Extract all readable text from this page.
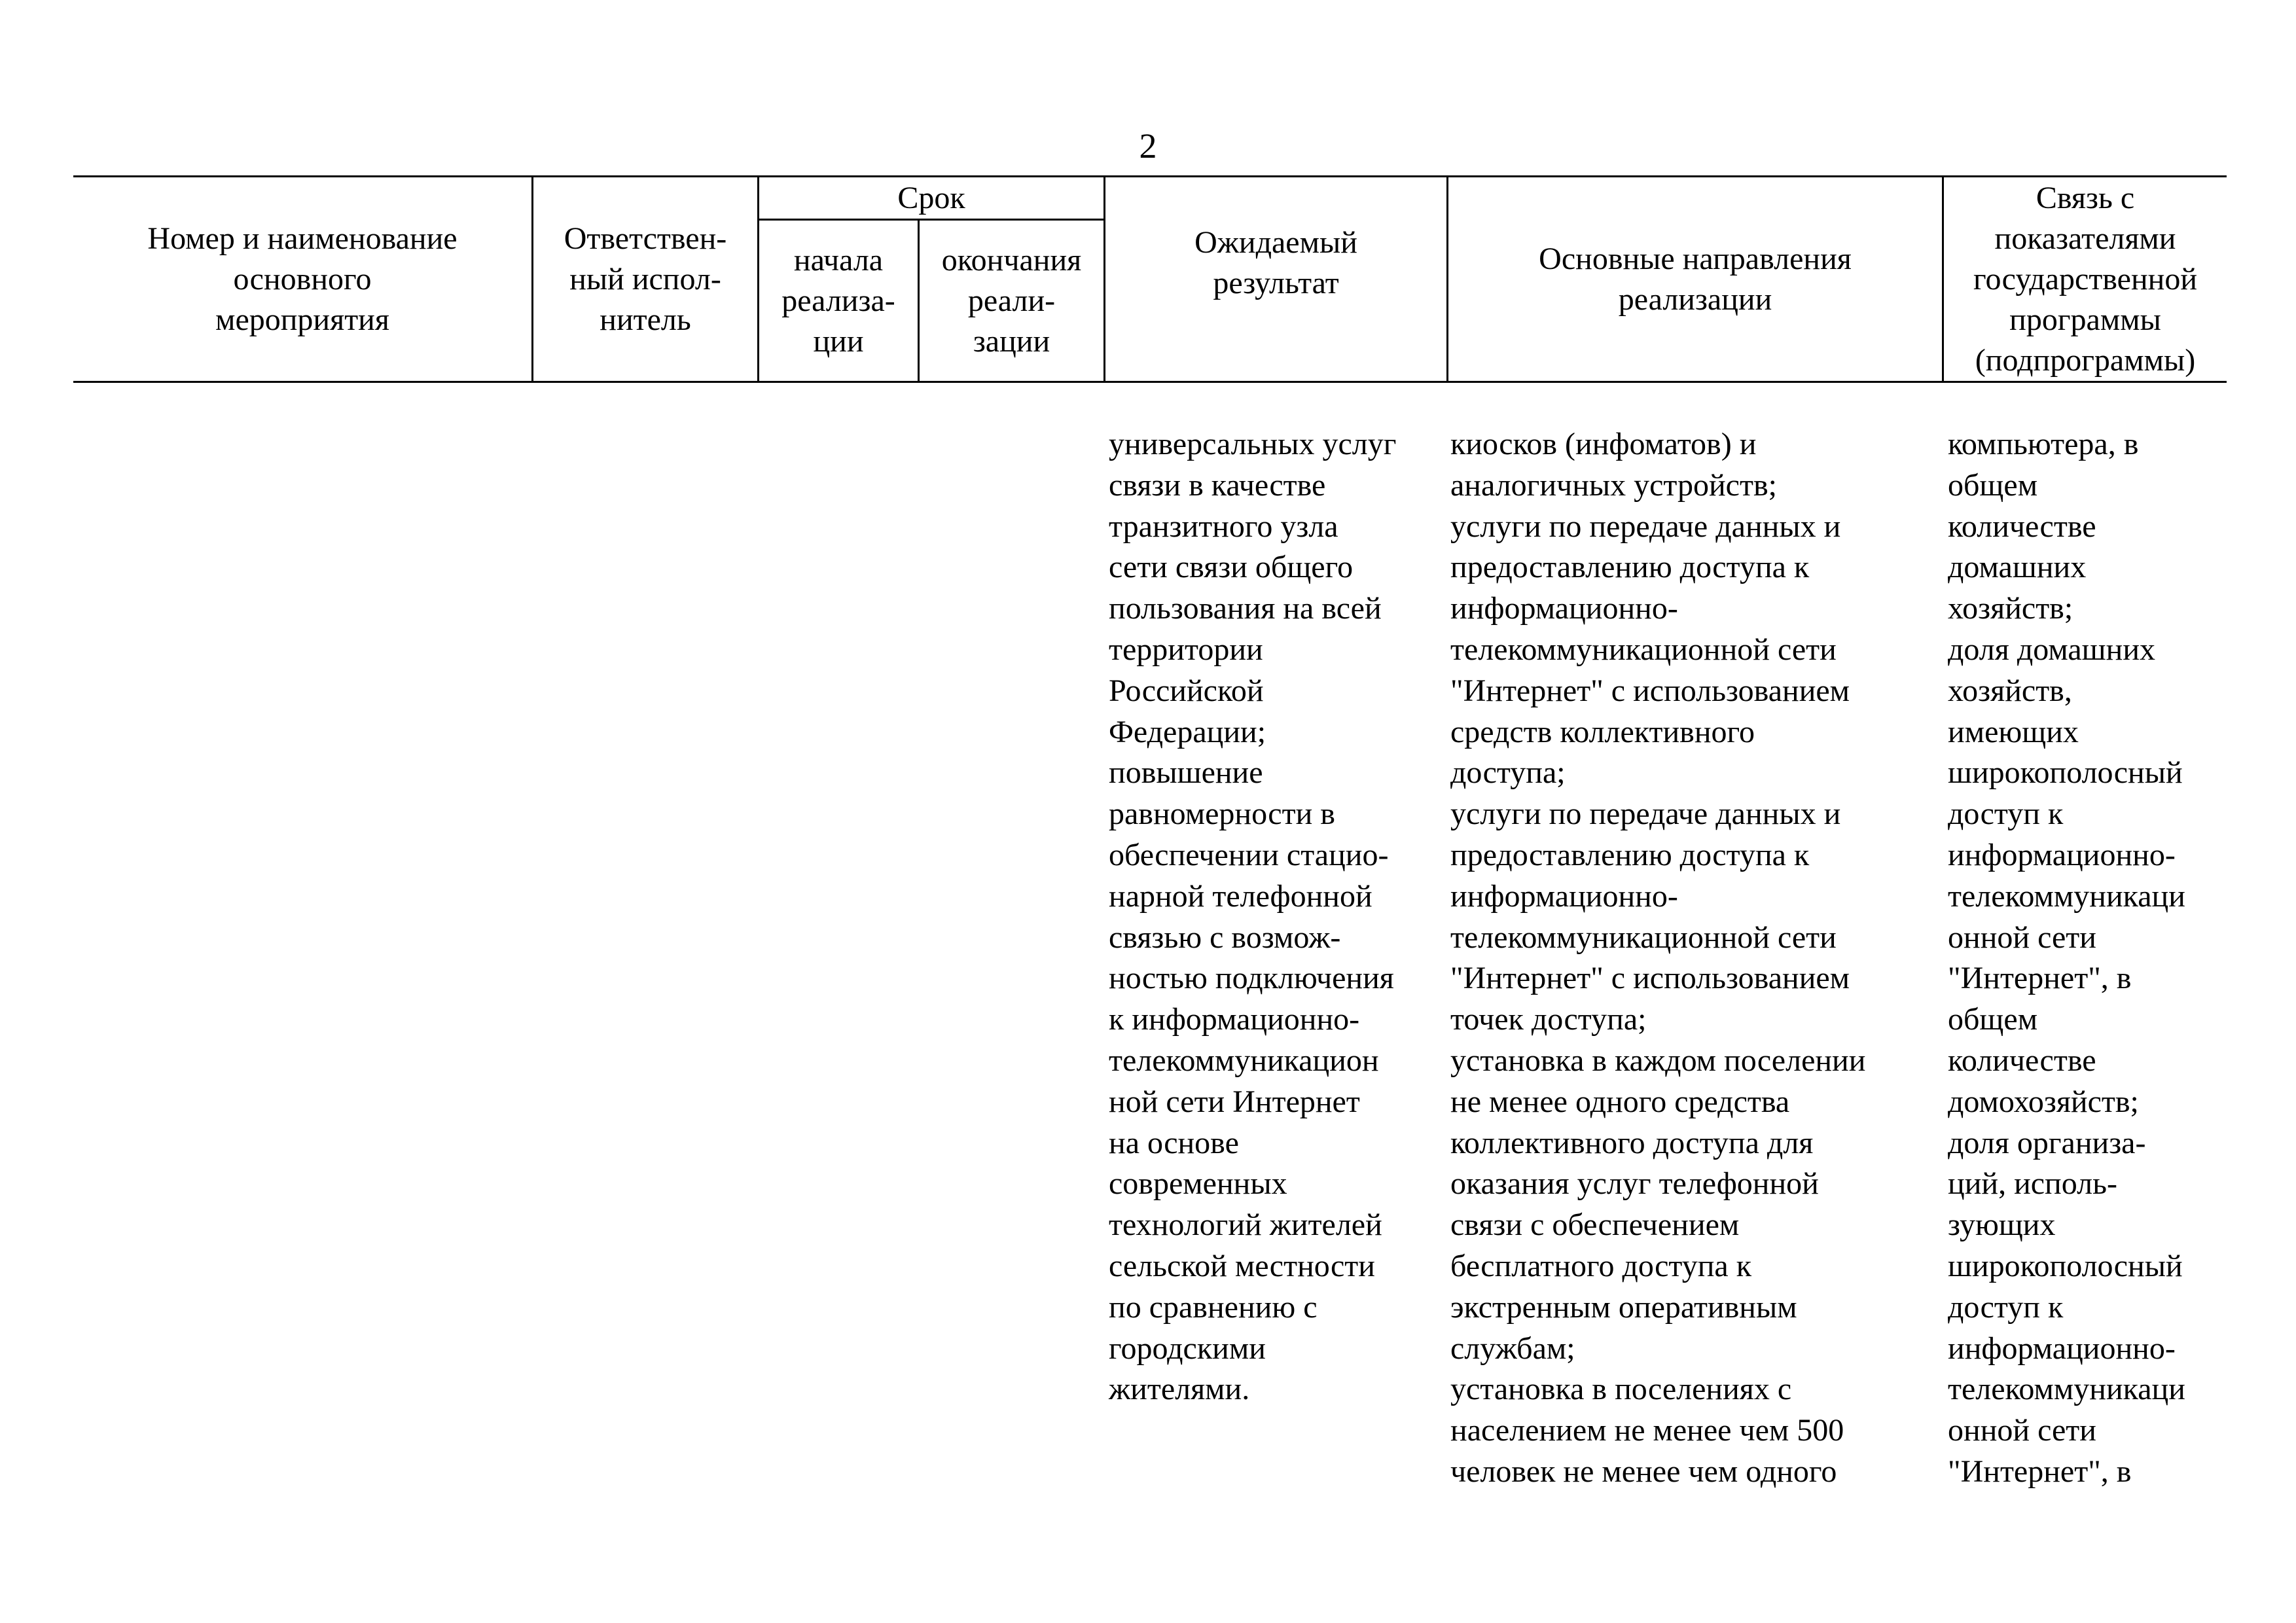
2
Номер и наименование
основного
мероприятия
Ответствен-
ный испол-
нитель
Срок
начала
реализа-
ции
окончания
реали-
зации
Ожидаемый
результат
Основные направления
реализации
Связь с
показателями
государственной
программы
(подпрограммы)
универсальных услуг
связи в качестве
транзитного узла
сети связи общего
пользования на всей
территории
Российской
Федерации;
повышение
равномерности в
обеспечении стацио-
нарной телефонной
связью с возмож-
ностью подключения
к информационно-
телекоммуникацион
ной сети Интернет
на основе
современных
технологий жителей
сельской местности
по сравнению с
городскими
жителями.
киосков (инфоматов) и
аналогичных устройств;
услуги по передаче данных и
предоставлению доступа к
информационно-
телекоммуникационной сети
"Интернет" с использованием
средств коллективного
доступа;
услуги по передаче данных и
предоставлению доступа к
информационно-
телекоммуникационной сети
"Интернет" с использованием
точек доступа;
установка в каждом поселении
не менее одного средства
коллективного доступа для
оказания услуг телефонной
связи с обеспечением
бесплатного доступа к
экстренным оперативным
службам;
установка в поселениях с
населением не менее чем 500
человек не менее чем одного
компьютера, в
общем
количестве
домашних
хозяйств;
доля домашних
хозяйств,
имеющих
широкополосный
доступ к
информационно-
телекоммуникаци
онной сети
"Интернет", в
общем
количестве
домохозяйств;
доля организа-
ций, исполь-
зующих
широкополосный
доступ к
информационно-
телекоммуникаци
онной сети
"Интернет", в
